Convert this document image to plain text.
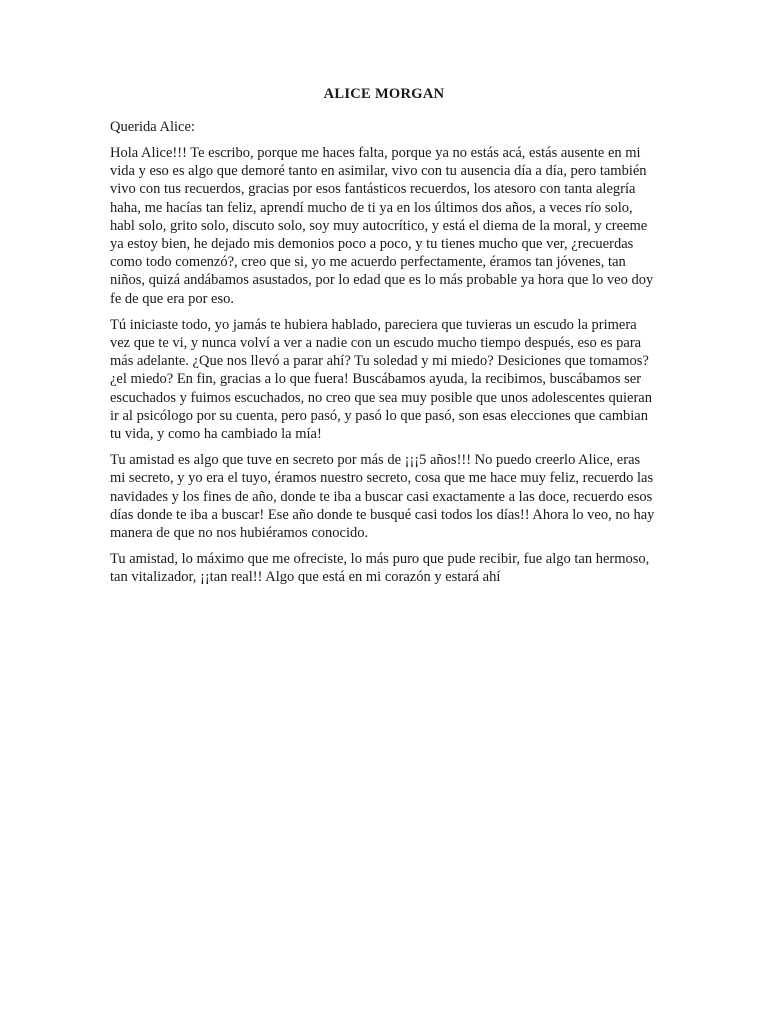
ALICE MORGAN

Querida Alice:

Hola Alice!!! Te escribo, porque me haces falta, porque ya no estás acá, estás ausente en mi vida y eso es algo que demoré tanto en asimilar, vivo con tu ausencia día a día, pero también vivo con tus recuerdos, gracias por esos fantásticos recuerdos, los atesoro con tanta alegría haha, me hacías tan feliz, aprendí mucho de ti ya en los últimos dos años, a veces río solo, habl solo, grito solo, discuto solo, soy muy autocrítico, y está el diema de la moral, y creeme ya estoy bien, he dejado mis demonios poco a poco, y tu tienes mucho que ver, ¿recuerdas como todo comenzó?, creo que si, yo me acuerdo perfectamente, éramos tan jóvenes, tan niños, quizá andábamos asustados, por lo edad que es lo más probable ya hora que lo veo doy fe de que era por eso.

Tú iniciaste todo, yo jamás te hubiera hablado, pareciera que tuvieras un escudo la primera vez que te vi, y nunca volví a ver a nadie con un escudo mucho tiempo después, eso es para más adelante. ¿Que nos llevó a parar ahí? Tu soledad y mi miedo? Desiciones que tomamos? ¿el miedo? En fin, gracias a lo que fuera! Buscábamos ayuda, la recibimos, buscábamos ser escuchados y fuimos escuchados, no creo que sea muy posible que unos adolescentes quieran ir al psicólogo por su cuenta, pero pasó, y pasó lo que pasó, son esas elecciones que cambian tu vida, y como ha cambiado la mía!

Tu amistad es algo que tuve en secreto por más de ¡¡¡5 años!!! No puedo creerlo Alice, eras mi secreto, y yo era el tuyo, éramos nuestro secreto, cosa que me hace muy feliz, recuerdo las navidades y los fines de año, donde te iba a buscar casi exactamente a las doce, recuerdo esos días donde te iba a buscar! Ese año donde te busqué casi todos los días!! Ahora lo veo, no hay manera de que no nos hubiéramos conocido.

Tu amistad, lo máximo que me ofreciste, lo más puro que pude recibir, fue algo tan hermoso, tan vitalizador, ¡¡tan real!! Algo que está en mi corazón y estará ahí
